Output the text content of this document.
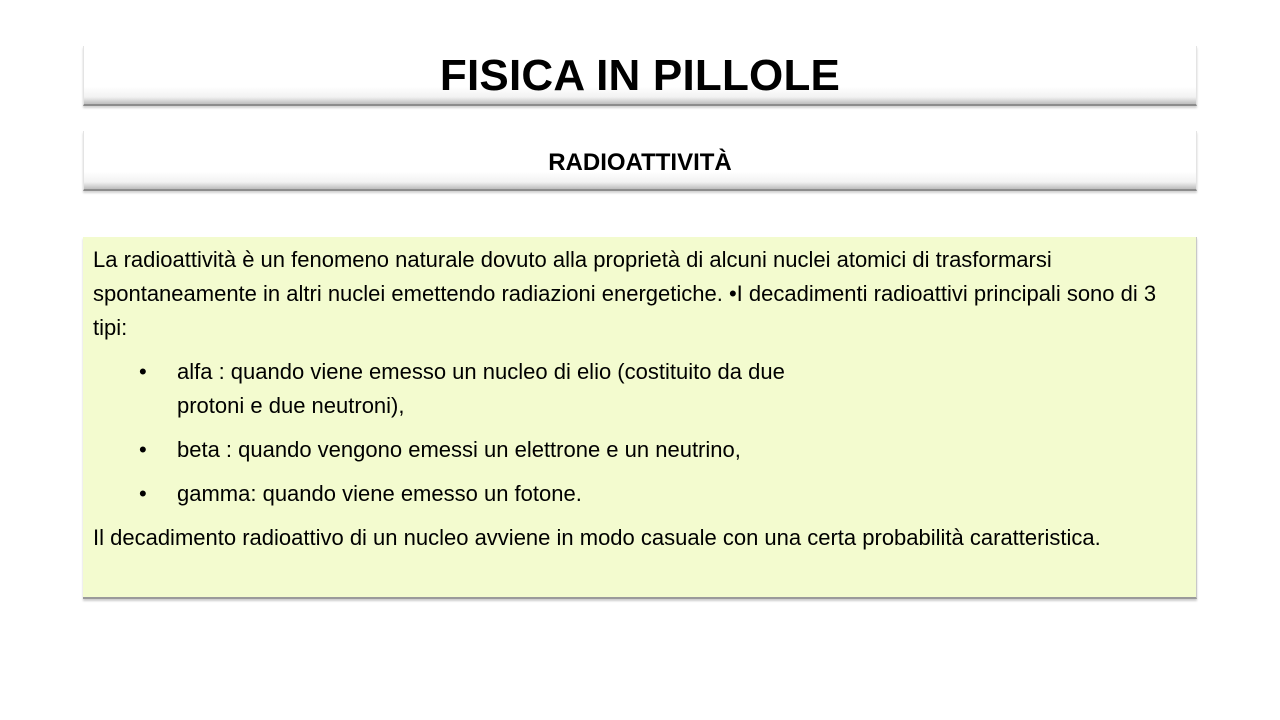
FISICA IN PILLOLE
RADIOATTIVITÀ

La radioattività è un fenomeno naturale dovuto alla proprietà di alcuni nuclei atomici di trasformarsi spontaneamente in altri nuclei emettendo radiazioni energetiche. •I decadimenti radioattivi principali sono di 3 tipi:

• alfa : quando viene emesso un nucleo di elio (costituito da due protoni e due neutroni),
• beta : quando vengono emessi un elettrone e un neutrino,
• gamma: quando viene emesso un fotone.

Il decadimento radioattivo di un nucleo avviene in modo casuale con una certa probabilità caratteristica.
